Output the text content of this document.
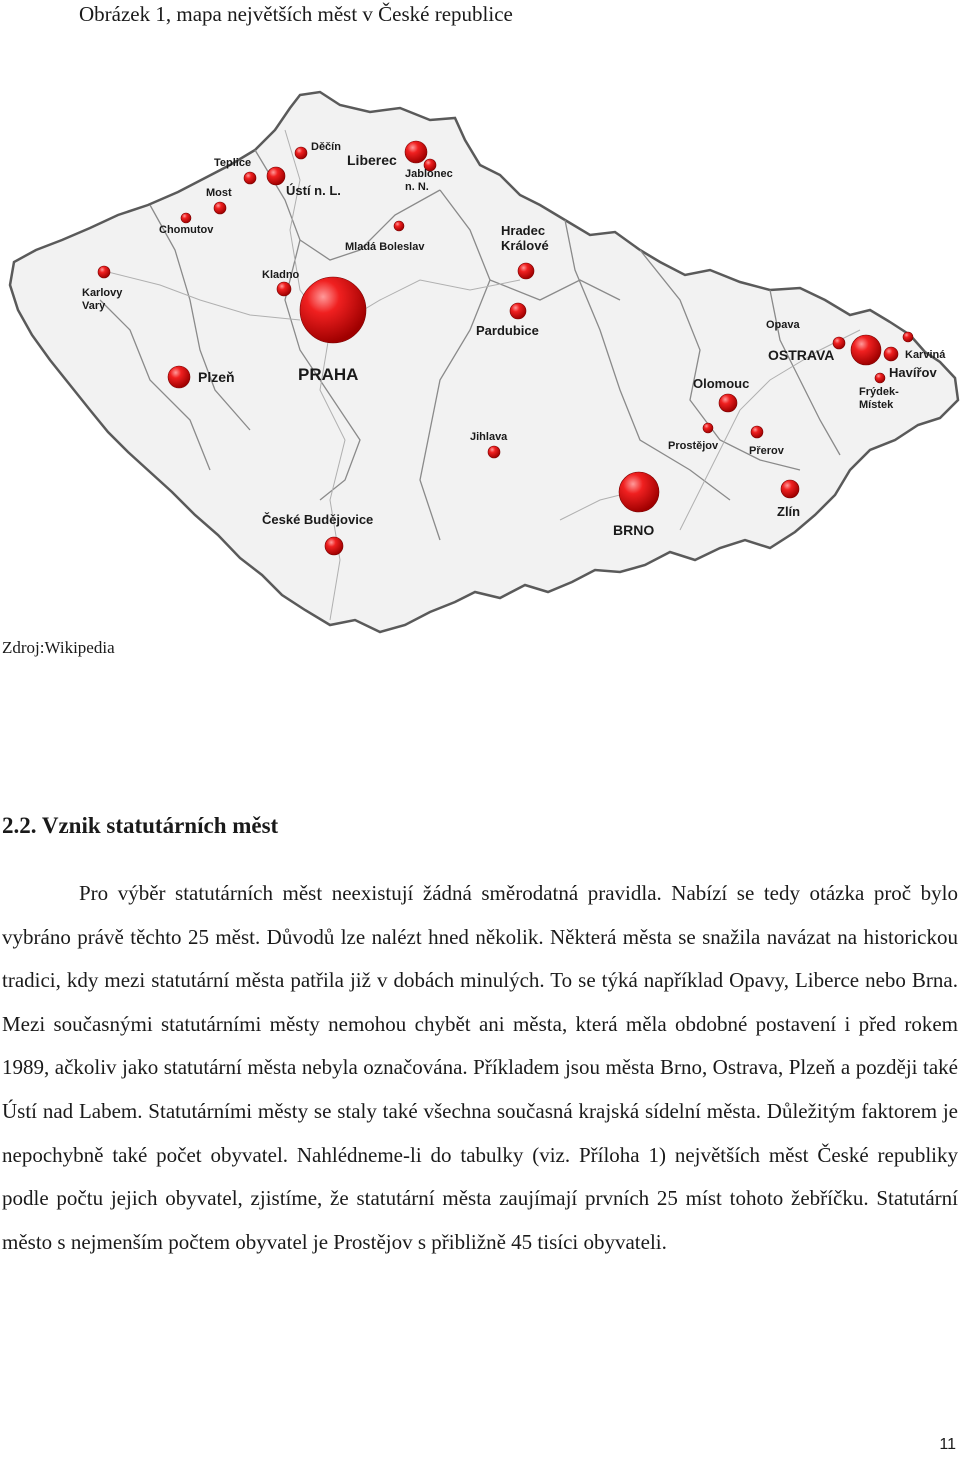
Obrázek 1, mapa největších měst v České republice
PRAHA
BRNO
OSTRAVA
Plzeň
Liberec
Olomouc
Ústí n. L.
Hradec Králové
České Budějovice
Pardubice
Havířov
Zlín
Kladno
Most
Opava
Frýdek-Místek
Karviná
Jihlava
Teplice
Děčín
Karlovy Vary
Chomutov
Jablonec n. N.
Mladá Boleslav
Prostějov	Přerov
Zdroj:Wikipedia
2.2. Vznik statutárních měst

Pro výběr statutárních měst neexistují žádná směrodatná pravidla. Nabízí se tedy otázka proč bylo vybráno právě těchto 25 měst. Důvodů lze nalézt hned několik. Některá města se snažila navázat na historickou tradici, kdy mezi statutární města patřila již v dobách minulých. To se týká například Opavy, Liberce nebo Brna. Mezi současnými statutárními městy nemohou chybět ani města, která měla obdobné postavení i před rokem 1989, ačkoliv jako statutární města nebyla označována. Příkladem jsou města Brno, Ostrava, Plzeň a později také Ústí nad Labem. Statutárními městy se staly také všechna současná krajská sídelní města. Důležitým faktorem je nepochybně také počet obyvatel. Nahlédneme-li do tabulky (viz. Příloha 1) největších měst České republiky podle počtu jejich obyvatel, zjistíme, že statutární města zaujímají prvních 25 míst tohoto žebříčku. Statutární město s nejmenším počtem obyvatel je Prostějov s přibližně 45 tisíci obyvateli.

11
